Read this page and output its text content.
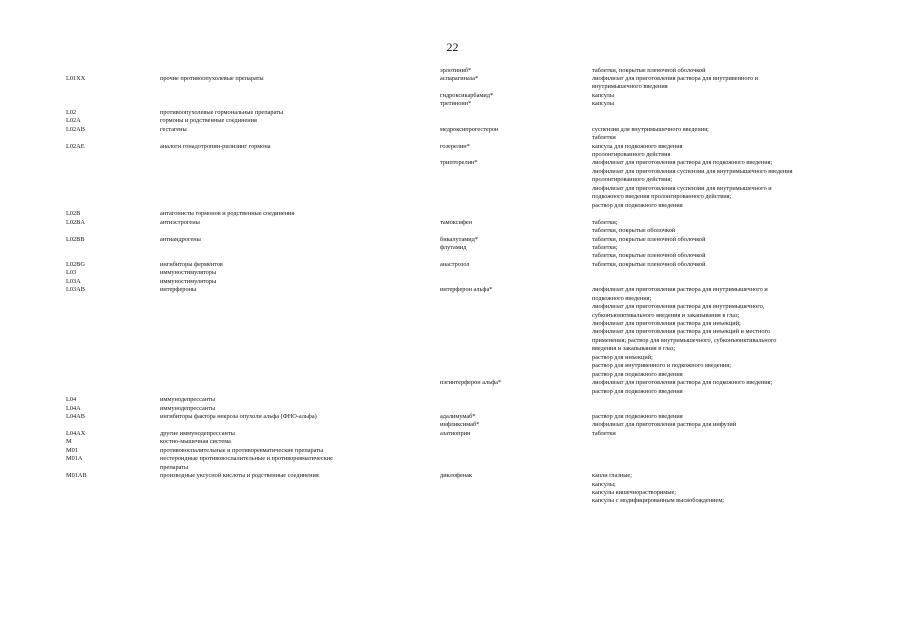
22
эрлотиниб*	таблетки, покрытые пленочной оболочкой
L01XX	прочие противоопухолевые препараты	аспарагиназа*	лиофилизат для приготовления раствора для внутривенного и
внутримышечного введения
гидроксикарбамид*	капсулы
третиноин*	капсулы
L02	противоопухолевые гормональные препараты
L02A	гормоны и родственные соединения
L02AB	гестагены	медроксипрогестерон	суспензия для внутримышечного введения;
таблетки
L02AE	аналоги гонадотропин-рилизинг гормона	гозерелин*	капсула для подкожного введения
пролонгированного действия
трипторелин*	лиофилизат для приготовления раствора для подкожного введения;
лиофилизат для приготовления суспензии для внутримышечного введения
пролонгированного действия;
лиофилизат для приготовления суспензии для внутримышечного и
подкожного введения пролонгированного действия;
раствор для подкожного введения
L02B	антагонисты гормонов и родственные соединения
L02BA	антиэстрогены	тамоксифен	таблетки;
таблетки, покрытые оболочкой
L02BB	антиандрогены	бикалутамид*	таблетки, покрытые пленочной оболочкой
флутамид	таблетки;
таблетки, покрытые пленочной оболочкой
L02BG	ингибиторы ферментов	анастрозол	таблетки, покрытые пленочной оболочкой
L03	иммуностимуляторы
L03A	иммуностимуляторы
L03AB	интерфероны	интерферон альфа*	лиофилизат для приготовления раствора для внутримышечного и
подкожного введения;
лиофилизат для приготовления раствора для внутримышечного,
субконъюнктивального введения и закапывания в глаз;
лиофилизат для приготовления раствора для инъекций;
лиофилизат для приготовления раствора для инъекций и местного
применения; раствор для внутримышечного, субконъюнктивального
введения и закапывания в глаз;
раствор для инъекций;
раствор для внутривенного и подкожного введения;
раствор для подкожного введения
пэгинтерферон альфа*	лиофилизат для приготовления раствора для подкожного введения;
раствор для подкожного введения
L04	иммунодепрессанты
L04A	иммунодепрессанты
L04AB	ингибиторы фактора некроза опухоли альфа (ФНО-альфа)	адалимумаб*	раствор для подкожного введения
инфликсимаб*	лиофилизат для приготовления раствора для инфузий
L04AX	другие иммунодепрессанты	азатиоприн	таблетки
M	костно-мышечная система
M01	противовоспалительные и противоревматические препараты
M01A	нестероидные противовоспалительные и противоревматические
препараты
M01AB	производные уксусной кислоты и родственные соединения	диклофенак	капли глазные;
капсулы;
капсулы кишечнорастворимые;
капсулы с модифицированным высвобождением;
